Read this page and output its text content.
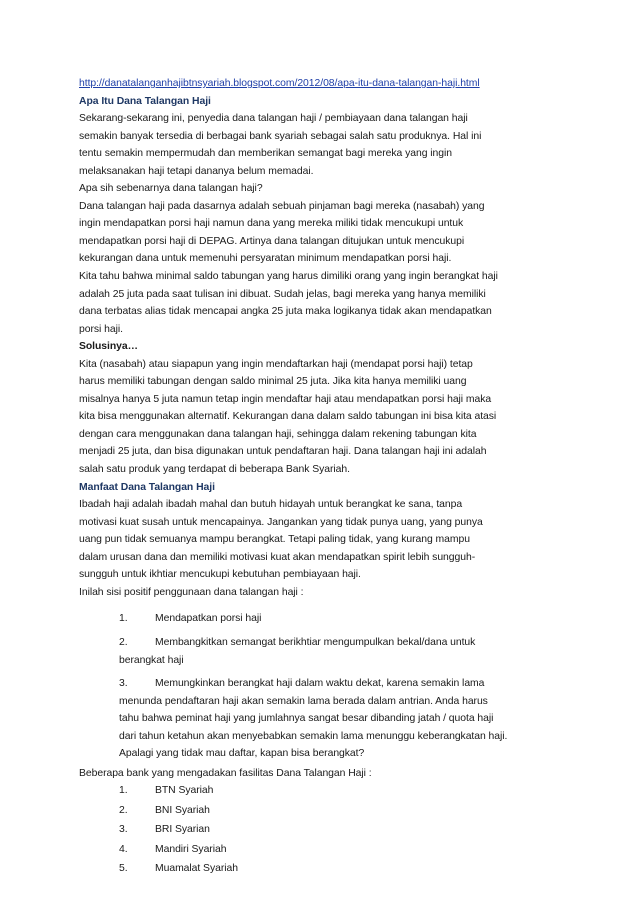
http://danatalanganhajibtnsyariah.blogspot.com/2012/08/apa-itu-dana-talangan-haji.html
Apa Itu Dana Talangan Haji
Sekarang-sekarang ini, penyedia dana talangan haji / pembiayaan dana talangan haji
semakin banyak tersedia di berbagai bank syariah sebagai salah satu produknya. Hal ini
tentu semakin mempermudah dan memberikan semangat bagi mereka yang ingin
melaksanakan haji tetapi dananya belum memadai.
Apa sih sebenarnya dana talangan haji?
Dana talangan haji pada dasarnya adalah sebuah pinjaman bagi mereka (nasabah) yang
ingin mendapatkan porsi haji namun dana yang mereka miliki tidak mencukupi untuk
mendapatkan porsi haji di DEPAG. Artinya dana talangan ditujukan untuk mencukupi
kekurangan dana untuk memenuhi persyaratan minimum mendapatkan porsi haji.
Kita tahu bahwa minimal saldo tabungan yang harus dimiliki orang yang ingin berangkat haji
adalah 25 juta pada saat tulisan ini dibuat. Sudah jelas, bagi mereka yang hanya memiliki
dana terbatas alias tidak mencapai angka 25 juta maka logikanya tidak akan mendapatkan
porsi haji.
Solusinya…
Kita (nasabah) atau siapapun yang ingin mendaftarkan haji (mendapat porsi haji) tetap
harus memiliki tabungan dengan saldo minimal 25 juta. Jika kita hanya memiliki uang
misalnya hanya 5 juta namun tetap ingin mendaftar haji atau mendapatkan porsi haji maka
kita bisa menggunakan alternatif. Kekurangan dana dalam saldo tabungan ini bisa kita atasi
dengan cara menggunakan dana talangan haji, sehingga dalam rekening tabungan kita
menjadi 25 juta, dan bisa digunakan untuk pendaftaran haji. Dana talangan haji ini adalah
salah satu produk yang terdapat di beberapa Bank Syariah.
Manfaat Dana Talangan Haji
Ibadah haji adalah ibadah mahal dan butuh hidayah untuk berangkat ke sana, tanpa
motivasi kuat susah untuk mencapainya. Jangankan yang tidak punya uang, yang punya
uang pun tidak semuanya mampu berangkat. Tetapi paling tidak, yang kurang mampu
dalam urusan dana dan memiliki motivasi kuat akan mendapatkan spirit lebih sungguh-
sungguh untuk ikhtiar mencukupi kebutuhan pembiayaan haji.
Inilah sisi positif penggunaan dana talangan haji :
1.	Mendapatkan porsi haji
2.	Membangkitkan semangat berikhtiar mengumpulkan bekal/dana untuk
berangkat haji
3.	Memungkinkan berangkat haji dalam waktu dekat, karena semakin lama
menunda pendaftaran haji akan semakin lama berada dalam antrian. Anda harus
tahu bahwa peminat haji yang jumlahnya sangat besar dibanding jatah / quota haji
dari tahun ketahun akan menyebabkan semakin lama menunggu keberangkatan haji.
Apalagi yang tidak mau daftar, kapan bisa berangkat?
Beberapa bank yang mengadakan fasilitas Dana Talangan Haji :
1.	BTN Syariah
2.	BNI Syariah
3.	BRI Syarian
4.	Mandiri Syariah
5.	Muamalat Syariah
